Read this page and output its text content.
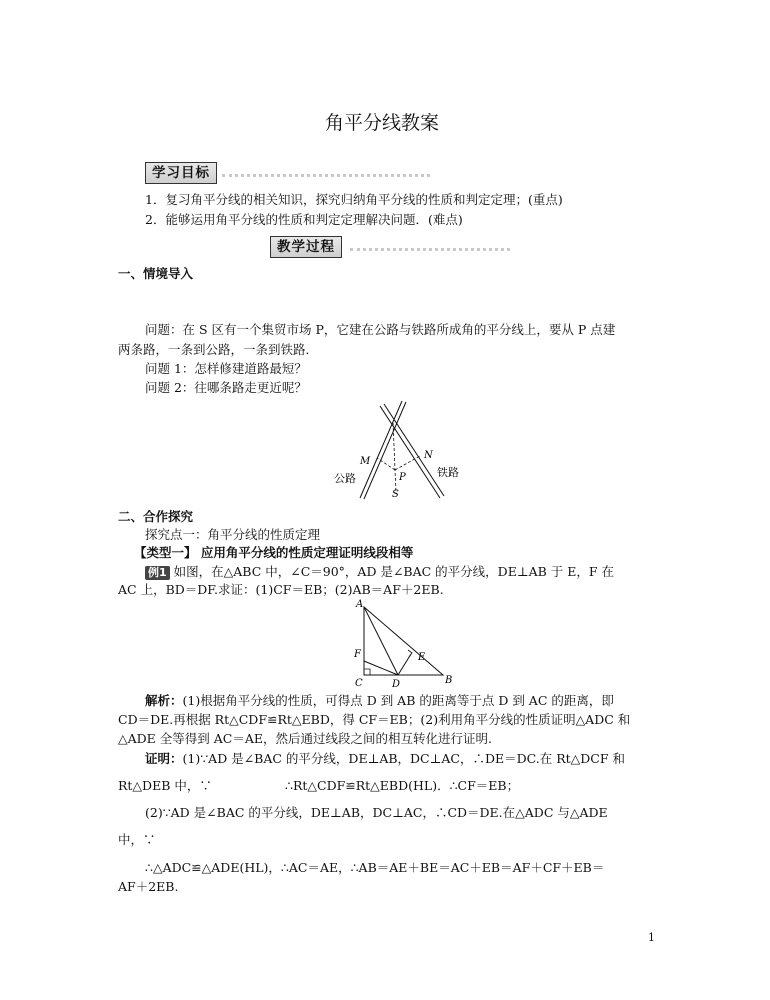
角平分线教案
学习目标
1．复习角平分线的相关知识，探究归纳角平分线的性质和判定定理；(重点)
2．能够运用角平分线的性质和判定定理解决问题．(难点)
教学过程
一、情境导入
问题：在 S 区有一个集贸市场 P，它建在公路与铁路所成角的平分线上，要从 P 点建
两条路，一条到公路，一条到铁路．
问题 1：怎样修建道路最短？
问题 2：往哪条路走更近呢？
M
N
P
S
公路	铁路
二、合作探究
探究点一：角平分线的性质定理
【类型一】 应用角平分线的性质定理证明线段相等
例1 如图，在△ABC 中，∠C＝90°，AD 是∠BAC 的平分线，DE⊥AB 于 E，F 在
AC 上，BD＝DF.求证：(1)CF＝EB；(2)AB＝AF＋2EB.
A
F	E
C	D	B
解析：(1)根据角平分线的性质，可得点 D 到 AB 的距离等于点 D 到 AC 的距离，即
CD＝DE.再根据 Rt△CDF≌Rt△EBD，得 CF＝EB；(2)利用角平分线的性质证明△ADC 和
△ADE 全等得到 AC＝AE，然后通过线段之间的相互转化进行证明.
证明：(1)∵AD 是∠BAC 的平分线，DE⊥AB，DC⊥AC，∴DE＝DC.在 Rt△DCF 和
Rt△DEB 中，∵	∴Rt△CDF≌Rt△EBD(HL)．∴CF＝EB；
(2)∵AD 是∠BAC 的平分线，DE⊥AB，DC⊥AC，∴CD＝DE.在△ADC 与△ADE
中，∵
∴△ADC≌△ADE(HL)，∴AC＝AE，∴AB＝AE＋BE＝AC＋EB＝AF＋CF＋EB＝
AF＋2EB.
1
